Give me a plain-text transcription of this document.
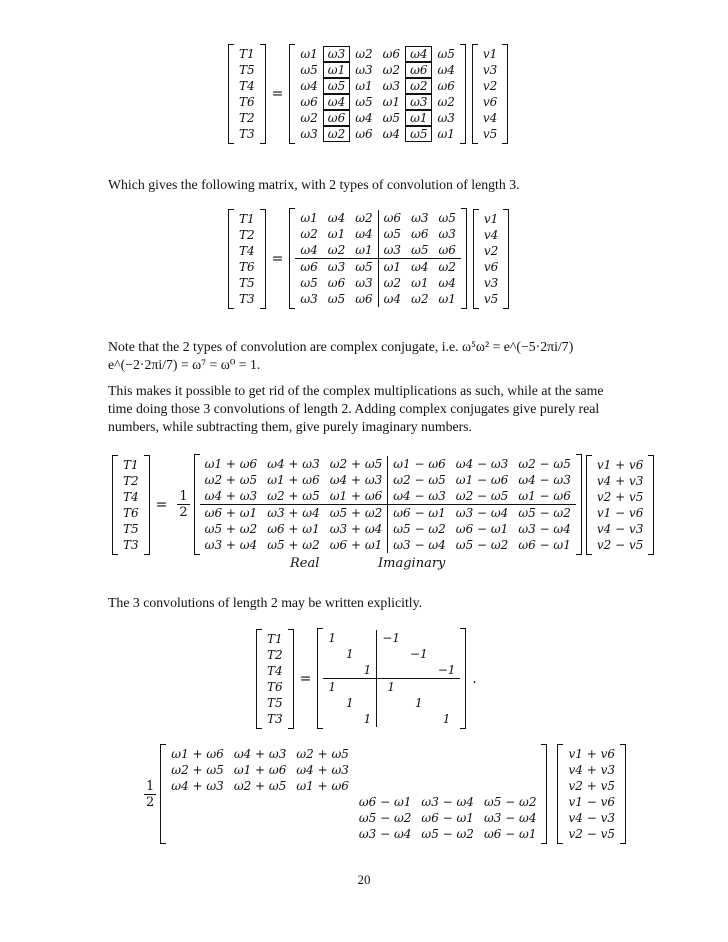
T1
T5
T4
T6
T2
T3
=
ω1	ω3	ω2	ω6	ω4	ω5
ω5	ω1	ω3	ω2	ω6	ω4
ω4	ω5	ω1	ω3	ω2	ω6
ω6	ω4	ω5	ω1	ω3	ω2
ω2	ω6	ω4	ω5	ω1	ω3
ω3	ω2	ω6	ω4	ω5	ω1
v1
v3
v2
v6
v4
v5
Which gives the following matrix, with 2 types of convolution of length 3.
T1
T2
T4
T6
T5
T3
=
ω1	ω4	ω2	ω6	ω3	ω5
ω2	ω1	ω4	ω5	ω6	ω3
ω4	ω2	ω1	ω3	ω5	ω6
ω6	ω3	ω5	ω1	ω4	ω2
ω5	ω6	ω3	ω2	ω1	ω4
ω3	ω5	ω6	ω4	ω2	ω1
v1
v4
v2
v6
v3
v5
Note that the 2 types of convolution are complex conjugate, i.e. ω⁵ω² = e^(−5·2πi/7) e^(−2·2πi/7) = ω⁷ = ω⁰ = 1.
This makes it possible to get rid of the complex multiplications as such, while at the same time doing those 3 convolutions of length 2. Adding complex conjugates give purely real numbers, while subtracting them, give purely imaginary numbers.
T1
T2
T4
T6
T5
T3
= $\frac{1}{2}$
ω1 + ω6	ω4 + ω3	ω2 + ω5	ω1 − ω6	ω4 − ω3	ω2 − ω5
ω2 + ω5	ω1 + ω6	ω4 + ω3	ω2 − ω5	ω1 − ω6	ω4 − ω3
ω4 + ω3	ω2 + ω5	ω1 + ω6	ω4 − ω3	ω2 − ω5	ω1 − ω6
ω6 + ω1	ω3 + ω4	ω5 + ω2	ω6 − ω1	ω3 − ω4	ω5 − ω2
ω5 + ω2	ω6 + ω1	ω3 + ω4	ω5 − ω2	ω6 − ω1	ω3 − ω4
ω3 + ω4	ω5 + ω2	ω6 + ω1	ω3 − ω4	ω5 − ω2	ω6 − ω1
v1 + v6
v4 + v3
v2 + v5
v1 − v6
v4 − v3
v2 − v5
Real	Imaginary
The 3 convolutions of length 2 may be written explicitly.
T1
T2
T4
T6
T5
T3
=
1			−1		
	1			−1	
		1			−1
1			1		
	1			1	
		1			1
.
$\frac{1}{2}$
ω1 + ω6	ω4 + ω3	ω2 + ω5			
ω2 + ω5	ω1 + ω6	ω4 + ω3			
ω4 + ω3	ω2 + ω5	ω1 + ω6			
			ω6 − ω1	ω3 − ω4	ω5 − ω2
			ω5 − ω2	ω6 − ω1	ω3 − ω4
			ω3 − ω4	ω5 − ω2	ω6 − ω1
v1 + v6
v4 + v3
v2 + v5
v1 − v6
v4 − v3
v2 − v5
20
